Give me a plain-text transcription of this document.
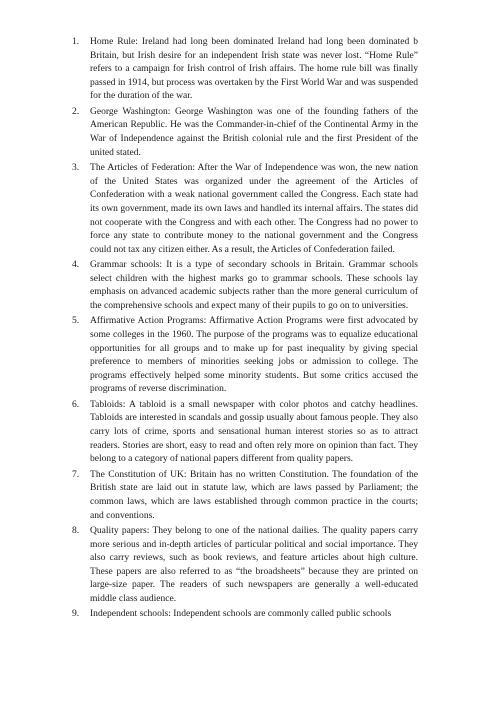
1. Home Rule: Ireland had long been dominated Ireland had long been dominated b Britain, but Irish desire for an independent Irish state was never lost. “Home Rule” refers to a campaign for Irish control of Irish affairs. The home rule bill was finally passed in 1914, but process was overtaken by the First World War and was suspended for the duration of the war.
2. George Washington: George Washington was one of the founding fathers of the American Republic. He was the Commander-in-chief of the Continental Army in the War of Independence against the British colonial rule and the first President of the united stated.
3. The Articles of Federation: After the War of Independence was won, the new nation of the United States was organized under the agreement of the Articles of Confederation with a weak national government called the Congress. Each state had its own government, made its own laws and handled its internal affairs. The states did not cooperate with the Congress and with each other. The Congress had no power to force any state to contribute money to the national government and the Congress could not tax any citizen either. As a result, the Articles of Confederation failed.
4. Grammar schools: It is a type of secondary schools in Britain. Grammar schools select children with the highest marks go to grammar schools. These schools lay emphasis on advanced academic subjects rather than the more general curriculum of the comprehensive schools and expect many of their pupils to go on to universities.
5. Affirmative Action Programs: Affirmative Action Programs were first advocated by some colleges in the 1960. The purpose of the programs was to equalize educational opportunities for all groups and to make up for past inequality by giving special preference to members of minorities seeking jobs or admission to college. The programs effectively helped some minority students. But some critics accused the programs of reverse discrimination.
6. Tabloids: A tabloid is a small newspaper with color photos and catchy headlines. Tabloids are interested in scandals and gossip usually about famous people. They also carry lots of crime, sports and sensational human interest stories so as to attract readers. Stories are short, easy to read and often rely more on opinion than fact. They belong to a category of national papers different from quality papers.
7. The Constitution of UK: Britain has no written Constitution. The foundation of the British state are laid out in statute law, which are laws passed by Parliament; the common laws, which are laws established through common practice in the courts; and conventions.
8. Quality papers: They belong to one of the national dailies. The quality papers carry more serious and in-depth articles of particular political and social importance. They also carry reviews, such as book reviews, and feature articles about high culture. These papers are also referred to as “the broadsheets” because they are printed on large-size paper. The readers of such newspapers are generally a well-educated middle class audience.
9. Independent schools: Independent schools are commonly called public schools
